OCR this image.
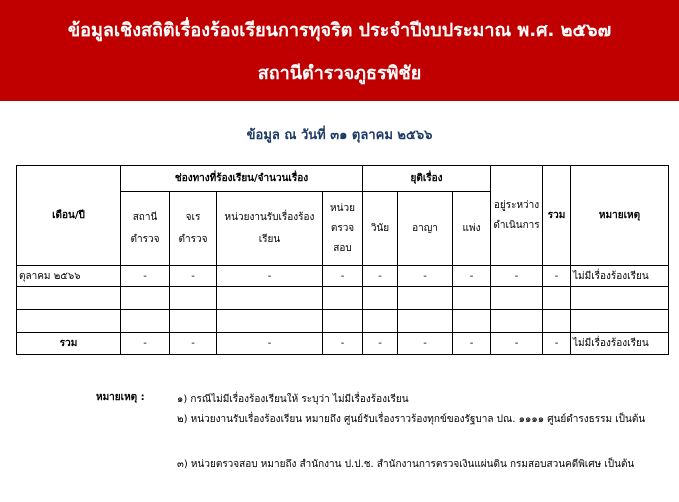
ข้อมูลเชิงสถิติเรื่องร้องเรียนการทุจริต ประจำปีงบประมาณ พ.ศ. ๒๕๖๗
สถานีตำรวจภูธรพิชัย
ข้อมูล ณ วันที่ ๓๑ ตุลาคม ๒๕๖๖
เดือน/ปี	ช่องทางที่ร้องเรียน/จำนวนเรื่อง				ยุติเรื่อง			อยู่ระหว่างดำเนินการ	รวม	หมายเหตุ
	สถานีตำรวจ	จเรตำรวจ	หน่วยงานรับเรื่องร้องเรียน	หน่วยตรวจสอบ	วินัย	อาญา	แพ่ง			
ตุลาคม ๒๕๖๖	-	-	-	-	-	-	-	-	-	ไม่มีเรื่องร้องเรียน

รวม	-	-	-	-	-	-	-	-	-	ไม่มีเรื่องร้องเรียน
หมายเหตุ :	๑) กรณีไม่มีเรื่องร้องเรียนให้ ระบุว่า ไม่มีเรื่องร้องเรียน
๒) หน่วยงานรับเรื่องร้องเรียน หมายถึง ศูนย์รับเรื่องราวร้องทุกข์ของรัฐบาล ปณ. ๑๑๑๑ ศูนย์ดำรงธรรม เป็นต้น
๓) หน่วยตรวจสอบ หมายถึง สำนักงาน ป.ป.ช. สำนักงานการตรวจเงินแผ่นดิน กรมสอบสวนคดีพิเศษ เป็นต้น
